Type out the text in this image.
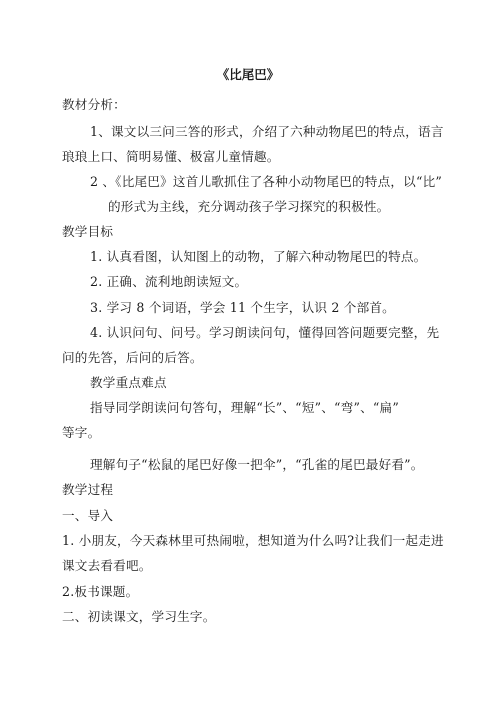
《比尾巴》
教材分析：
1、课文以三问三答的形式，介绍了六种动物尾巴的特点，语言
琅琅上口、简明易懂、极富儿童情趣。
2 、《比尾巴》这首儿歌抓住了各种小动物尾巴的特点，以“比”
的形式为主线，充分调动孩子学习探究的积极性。
教学目标
1. 认真看图，认知图上的动物，了解六种动物尾巴的特点。
2. 正确、流利地朗读短文。
3. 学习 8 个词语，学会 11 个生字，认识 2 个部首。
4. 认识问句、问号。学习朗读问句，懂得回答问题要完整，先
问的先答，后问的后答。
教学重点难点
指导同学朗读问句答句，理解“长”、“短”、“弯”、“扁”
等字。
理解句子“松鼠的尾巴好像一把伞”，“孔雀的尾巴最好看”。
教学过程
一、导入
1. 小朋友，今天森林里可热闹啦，想知道为什么吗?让我们一起走进
课文去看看吧。
2.板书课题。
二、初读课文，学习生字。
